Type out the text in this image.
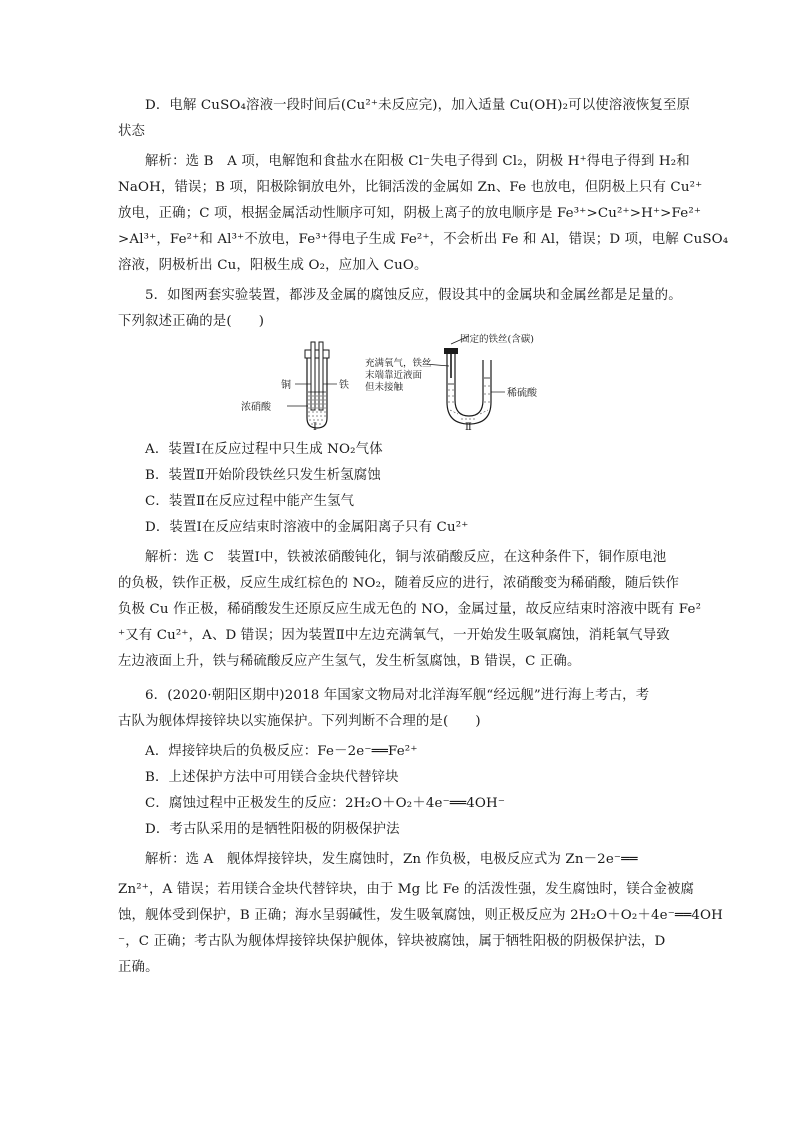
D．电解 CuSO₄溶液一段时间后(Cu²⁺未反应完)，加入适量 Cu(OH)₂可以使溶液恢复至原
状态
解析：选 B　A 项，电解饱和食盐水在阳极 Cl⁻失电子得到 Cl₂，阴极 H⁺得电子得到 H₂和
NaOH，错误；B 项，阳极除铜放电外，比铜活泼的金属如 Zn、Fe 也放电，但阴极上只有 Cu²⁺
放电，正确；C 项，根据金属活动性顺序可知，阴极上离子的放电顺序是 Fe³⁺>Cu²⁺>H⁺>Fe²⁺
>Al³⁺，Fe²⁺和 Al³⁺不放电，Fe³⁺得电子生成 Fe²⁺，不会析出 Fe 和 Al，错误；D 项，电解 CuSO₄
溶液，阴极析出 Cu，阳极生成 O₂，应加入 CuO。
5．如图两套实验装置，都涉及金属的腐蚀反应，假设其中的金属块和金属丝都是足量的。
下列叙述正确的是(　　)
A．装置Ⅰ在反应过程中只生成 NO₂气体
B．装置Ⅱ开始阶段铁丝只发生析氢腐蚀
C．装置Ⅱ在反应过程中能产生氢气
D．装置Ⅰ在反应结束时溶液中的金属阳离子只有 Cu²⁺
解析：选 C　装置Ⅰ中，铁被浓硝酸钝化，铜与浓硝酸反应，在这种条件下，铜作原电池
的负极，铁作正极，反应生成红棕色的 NO₂，随着反应的进行，浓硝酸变为稀硝酸，随后铁作
负极 Cu 作正极，稀硝酸发生还原反应生成无色的 NO，金属过量，故反应结束时溶液中既有 Fe²
⁺又有 Cu²⁺，A、D 错误；因为装置Ⅱ中左边充满氧气，一开始发生吸氧腐蚀，消耗氧气导致
左边液面上升，铁与稀硫酸反应产生氢气，发生析氢腐蚀，B 错误，C 正确。
6．(2020·朝阳区期中)2018 年国家文物局对北洋海军舰“经远舰”进行海上考古，考
古队为舰体焊接锌块以实施保护。下列判断不合理的是(　　)
A．焊接锌块后的负极反应：Fe－2e⁻══Fe²⁺
B．上述保护方法中可用镁合金块代替锌块
C．腐蚀过程中正极发生的反应：2H₂O＋O₂＋4e⁻══4OH⁻
D．考古队采用的是牺牲阳极的阴极保护法
解析：选 A　舰体焊接锌块，发生腐蚀时，Zn 作负极，电极反应式为 Zn－2e⁻══
Zn²⁺，A 错误；若用镁合金块代替锌块，由于 Mg 比 Fe 的活泼性强，发生腐蚀时，镁合金被腐
蚀，舰体受到保护，B 正确；海水呈弱碱性，发生吸氧腐蚀，则正极反应为 2H₂O＋O₂＋4e⁻══4OH
⁻，C 正确；考古队为舰体焊接锌块保护舰体，锌块被腐蚀，属于牺牲阳极的阴极保护法，D
正确。
铜	铁
浓硝酸
Ⅰ
固定的铁丝(含碳)
充满氧气，铁丝
末端靠近液面
但未接触
稀硫酸
Ⅱ
